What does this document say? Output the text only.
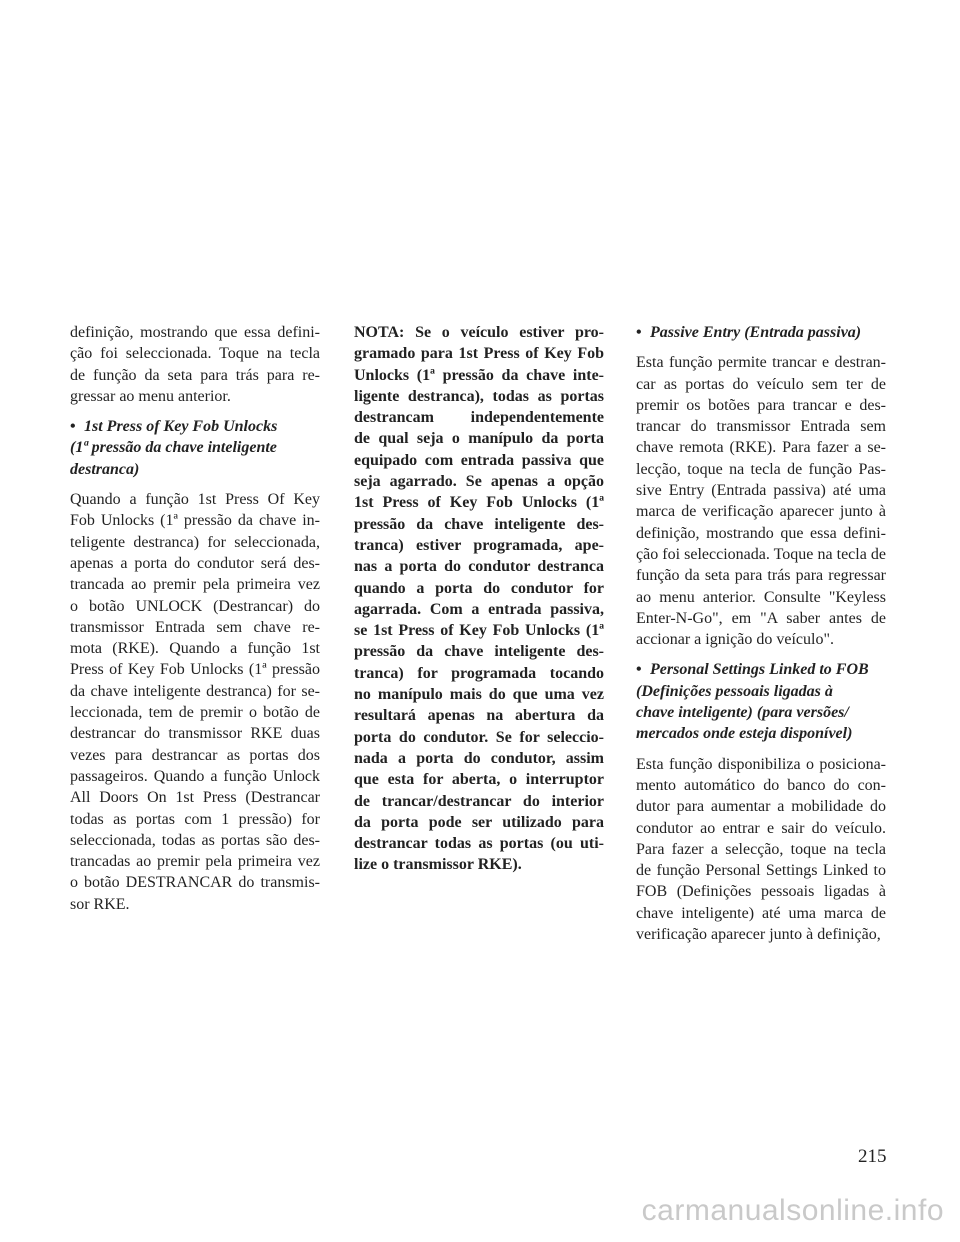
definição, mostrando que essa defini-
ção foi seleccionada. Toque na tecla
de função da seta para trás para re-
gressar ao menu anterior.
• 1st Press of Key Fob Unlocks
(1ª pressão da chave inteligente
destranca)
Quando a função 1st Press Of Key
Fob Unlocks (1ª pressão da chave in-
teligente destranca) for seleccionada,
apenas a porta do condutor será des-
trancada ao premir pela primeira vez
o botão UNLOCK (Destrancar) do
transmissor Entrada sem chave re-
mota (RKE). Quando a função 1st
Press of Key Fob Unlocks (1ª pressão
da chave inteligente destranca) for se-
leccionada, tem de premir o botão de
destrancar do transmissor RKE duas
vezes para destrancar as portas dos
passageiros. Quando a função Unlock
All Doors On 1st Press (Destrancar
todas as portas com 1 pressão) for
seleccionada, todas as portas são des-
trancadas ao premir pela primeira vez
o botão DESTRANCAR do transmis-
sor RKE.
NOTA: Se o veículo estiver pro-
gramado para 1st Press of Key Fob
Unlocks (1ª pressão da chave inte-
ligente destranca), todas as portas
destrancam independentemente
de qual seja o manípulo da porta
equipado com entrada passiva que
seja agarrado. Se apenas a opção
1st Press of Key Fob Unlocks (1ª
pressão da chave inteligente des-
tranca) estiver programada, ape-
nas a porta do condutor destranca
quando a porta do condutor for
agarrada. Com a entrada passiva,
se 1st Press of Key Fob Unlocks (1ª
pressão da chave inteligente des-
tranca) for programada tocando
no manípulo mais do que uma vez
resultará apenas na abertura da
porta do condutor. Se for seleccio-
nada a porta do condutor, assim
que esta for aberta, o interruptor
de trancar/destrancar do interior
da porta pode ser utilizado para
destrancar todas as portas (ou uti-
lize o transmissor RKE).
• Passive Entry (Entrada passiva)
Esta função permite trancar e destran-
car as portas do veículo sem ter de
premir os botões para trancar e des-
trancar do transmissor Entrada sem
chave remota (RKE). Para fazer a se-
lecção, toque na tecla de função Pas-
sive Entry (Entrada passiva) até uma
marca de verificação aparecer junto à
definição, mostrando que essa defini-
ção foi seleccionada. Toque na tecla de
função da seta para trás para regressar
ao menu anterior. Consulte "Keyless
Enter-N-Go", em "A saber antes de
accionar a ignição do veículo".
• Personal Settings Linked to FOB
(Definições pessoais ligadas à
chave inteligente) (para versões/
mercados onde esteja disponível)
Esta função disponibiliza o posiciona-
mento automático do banco do con-
dutor para aumentar a mobilidade do
condutor ao entrar e sair do veículo.
Para fazer a selecção, toque na tecla
de função Personal Settings Linked to
FOB (Definições pessoais ligadas à
chave inteligente) até uma marca de
verificação aparecer junto à definição,
215
carmanualsonline.info
